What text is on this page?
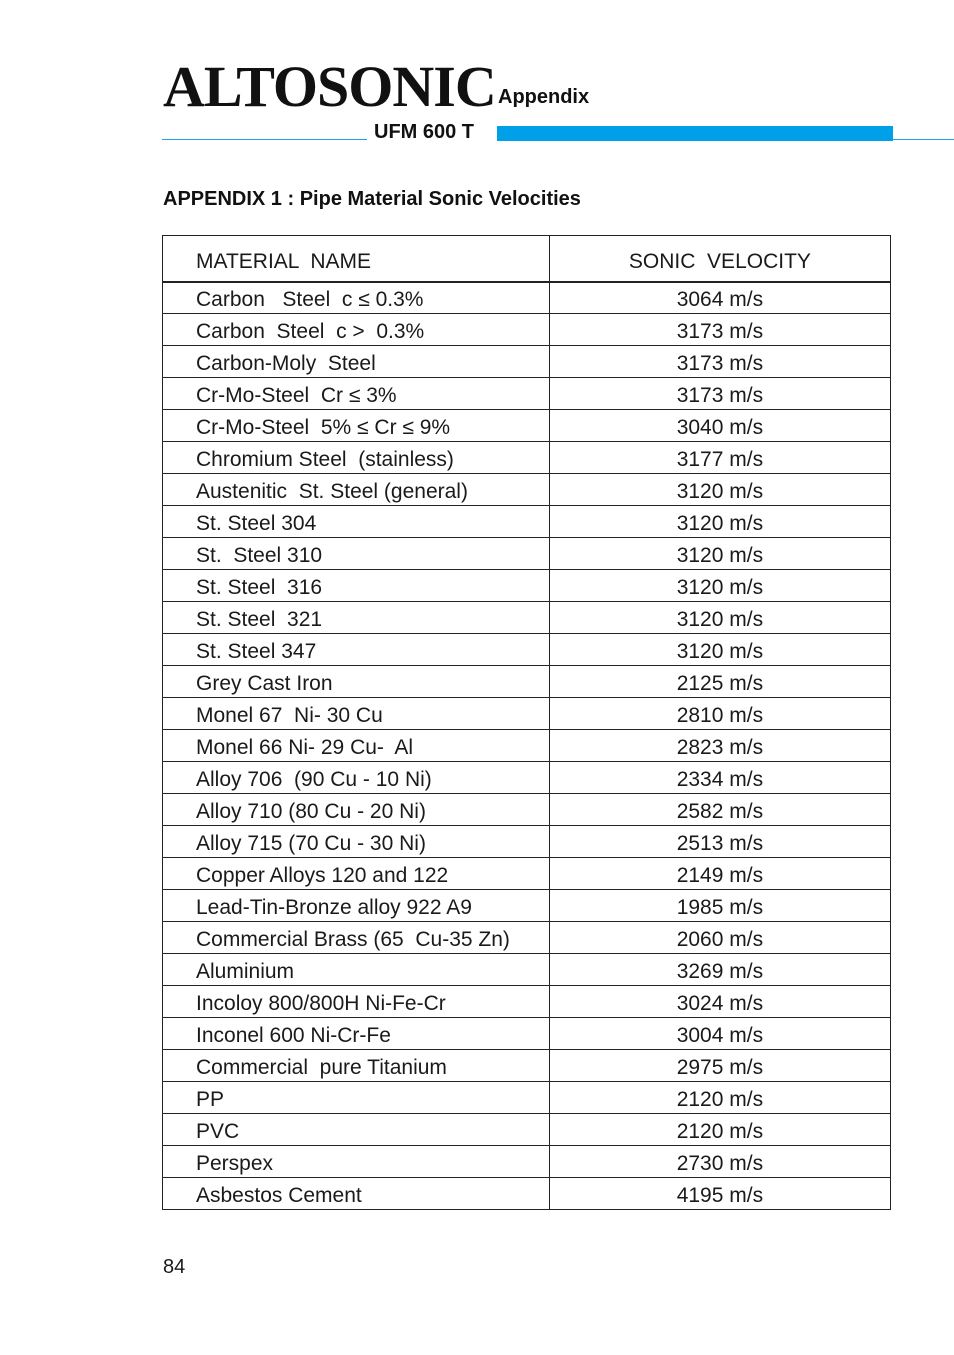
ALTOSONIC Appendix
UFM 600 T
APPENDIX 1 : Pipe Material Sonic Velocities
MATERIAL  NAME	SONIC  VELOCITY
Carbon   Steel  c ≤ 0.3%	3064 m/s
Carbon  Steel  c >  0.3%	3173 m/s
Carbon-Moly  Steel	3173 m/s
Cr-Mo-Steel  Cr ≤ 3%	3173 m/s
Cr-Mo-Steel  5% ≤ Cr ≤ 9%	3040 m/s
Chromium Steel  (stainless)	3177 m/s
Austenitic  St. Steel (general)	3120 m/s
St. Steel 304	3120 m/s
St.  Steel 310	3120 m/s
St. Steel  316	3120 m/s
St. Steel  321	3120 m/s
St. Steel 347	3120 m/s
Grey Cast Iron	2125 m/s
Monel 67  Ni- 30 Cu	2810 m/s
Monel 66 Ni- 29 Cu-  Al	2823 m/s
Alloy 706  (90 Cu - 10 Ni)	2334 m/s
Alloy 710 (80 Cu - 20 Ni)	2582 m/s
Alloy 715 (70 Cu - 30 Ni)	2513 m/s
Copper Alloys 120 and 122	2149 m/s
Lead-Tin-Bronze alloy 922 A9	1985 m/s
Commercial Brass (65  Cu-35 Zn)	2060 m/s
Aluminium	3269 m/s
Incoloy 800/800H Ni-Fe-Cr	3024 m/s
Inconel 600 Ni-Cr-Fe	3004 m/s
Commercial  pure Titanium	2975 m/s
PP	2120 m/s
PVC	2120 m/s
Perspex	2730 m/s
Asbestos Cement	4195 m/s
84
